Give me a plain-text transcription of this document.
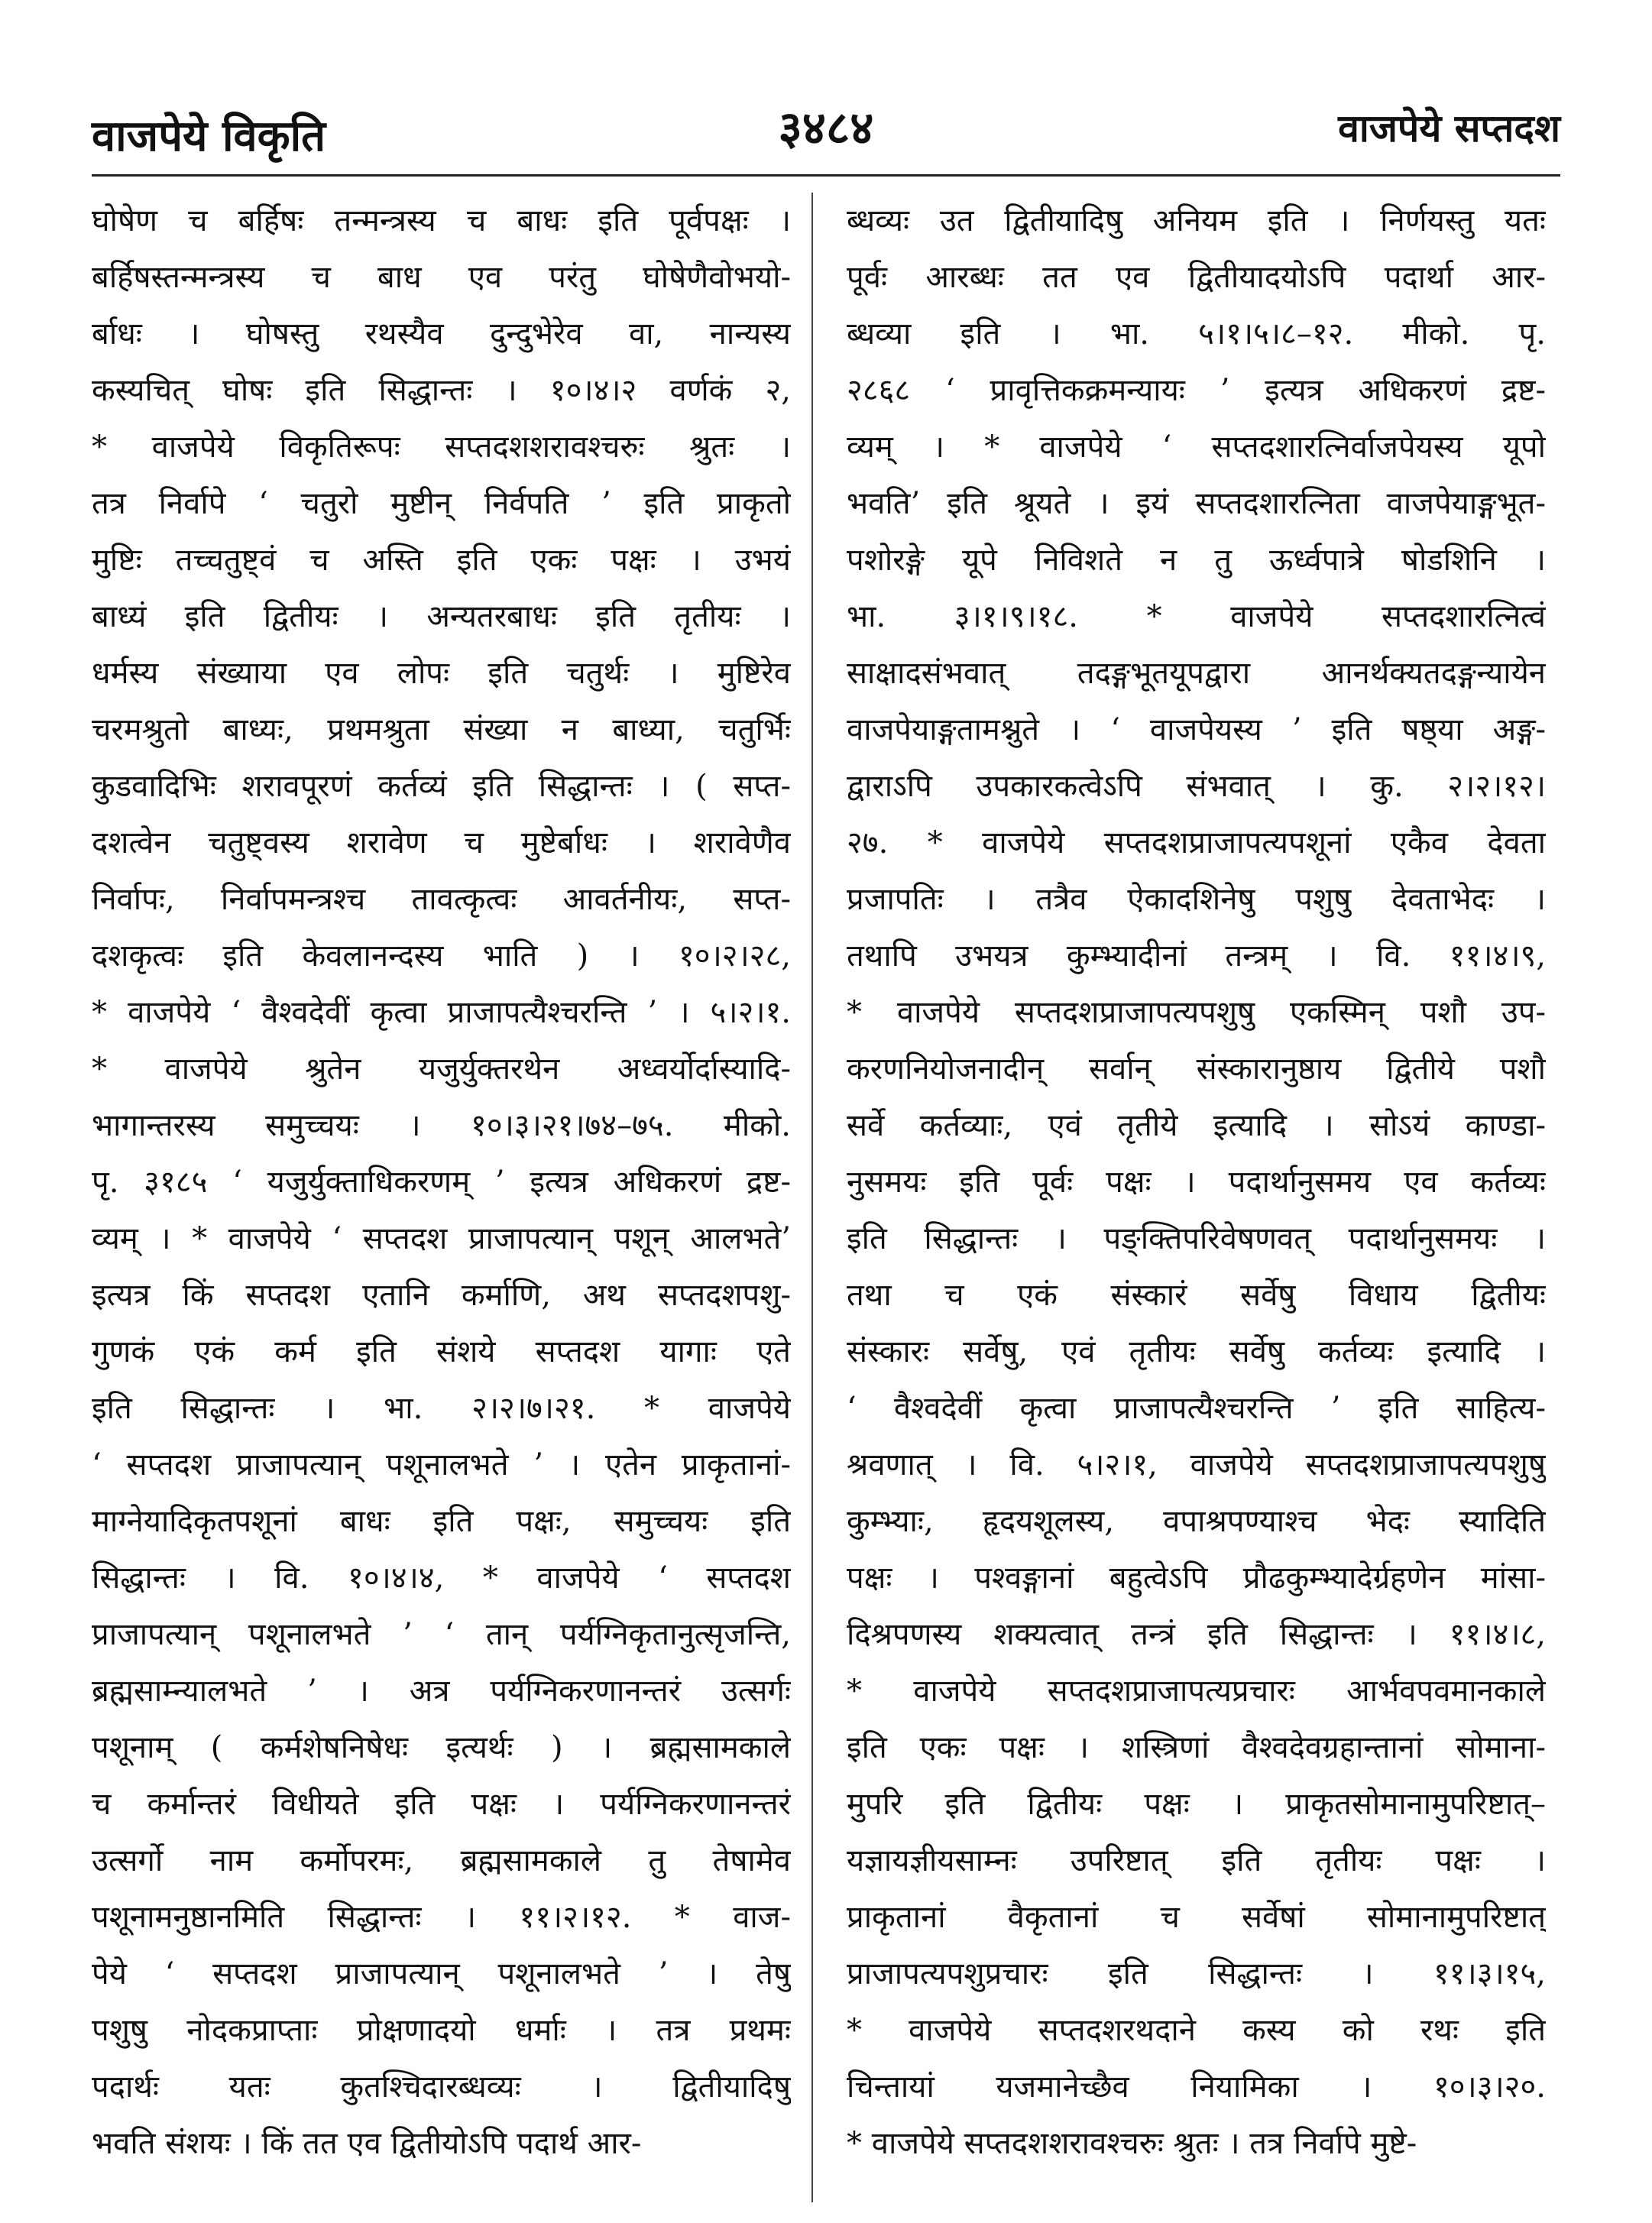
वाजपेये विकृति	३४८४	वाजपेये सप्तदश
घोषेण च बर्हिषः तन्मन्त्रस्य च बाधः इति पूर्वपक्षः ।
बर्हिषस्तन्मन्त्रस्य च बाध एव परंतु घोषेणैवोभयो-
र्बाधः । घोषस्तु रथस्यैव दुन्दुभेरेव वा, नान्यस्य
कस्यचित् घोषः इति सिद्धान्तः । १०।४।२ वर्णकं २,
* वाजपेये विकृतिरूपः सप्तदशशरावश्चरुः श्रुतः ।
तत्र निर्वापे ‘ चतुरो मुष्टीन् निर्वपति ’ इति प्राकृतो
मुष्टिः तच्चतुष्ट्वं च अस्ति इति एकः पक्षः । उभयं
बाध्यं इति द्वितीयः । अन्यतरबाधः इति तृतीयः ।
धर्मस्य संख्याया एव लोपः इति चतुर्थः । मुष्टिरेव
चरमश्रुतो बाध्यः, प्रथमश्रुता संख्या न बाध्या, चतुर्भिः
कुडवादिभिः शरावपूरणं कर्तव्यं इति सिद्धान्तः । ( सप्त-
दशत्वेन चतुष्ट्वस्य शरावेण च मुष्टेर्बाधः । शरावेणैव
निर्वापः, निर्वापमन्त्रश्च तावत्कृत्वः आवर्तनीयः, सप्त-
दशकृत्वः इति केवलानन्दस्य भाति ) । १०।२।२८,
* वाजपेये ‘ वैश्वदेवीं कृत्वा प्राजापत्यैश्चरन्ति ’ । ५।२।१.
* वाजपेये श्रुतेन यजुर्युक्तरथेन अध्वर्योर्दास्यादि-
भागान्तरस्य समुच्चयः । १०।३।२१।७४–७५. मीको.
पृ. ३१८५ ‘ यजुर्युक्ताधिकरणम् ’ इत्यत्र अधिकरणं द्रष्ट-
व्यम् । * वाजपेये ‘ सप्तदश प्राजापत्यान् पशून् आलभते’
इत्यत्र किं सप्तदश एतानि कर्माणि, अथ सप्तदशपशु-
गुणकं एकं कर्म इति संशये सप्तदश यागाः एते
इति सिद्धान्तः । भा. २।२।७।२१. * वाजपेये
‘ सप्तदश प्राजापत्यान् पशूनालभते ’ । एतेन प्राकृतानां-
माग्नेयादिकृतपशूनां बाधः इति पक्षः, समुच्चयः इति
सिद्धान्तः । वि. १०।४।४, * वाजपेये ‘ सप्तदश
प्राजापत्यान् पशूनालभते ’ ‘ तान् पर्यग्निकृतानुत्सृजन्ति,
ब्रह्मसाम्न्यालभते ’ । अत्र पर्यग्निकरणानन्तरं उत्सर्गः
पशूनाम् ( कर्मशेषनिषेधः इत्यर्थः ) । ब्रह्मसामकाले
च कर्मान्तरं विधीयते इति पक्षः । पर्यग्निकरणानन्तरं
उत्सर्गो नाम कर्मोपरमः, ब्रह्मसामकाले तु तेषामेव
पशूनामनुष्ठानमिति सिद्धान्तः । ११।२।१२. * वाज-
पेये ‘ सप्तदश प्राजापत्यान् पशूनालभते ’ । तेषु
पशुषु नोदकप्राप्ताः प्रोक्षणादयो धर्माः । तत्र प्रथमः
पदार्थः यतः कुतश्चिदारब्धव्यः । द्वितीयादिषु
भवति संशयः । किं तत एव द्वितीयोऽपि पदार्थ आर-
ब्धव्यः उत द्वितीयादिषु अनियम इति । निर्णयस्तु यतः
पूर्वः आरब्धः तत एव द्वितीयादयोऽपि पदार्था आर-
ब्धव्या इति । भा. ५।१।५।८–१२. मीको. पृ.
२८६८ ‘ प्रावृत्तिकक्रमन्यायः ’ इत्यत्र अधिकरणं द्रष्ट-
व्यम् । * वाजपेये ‘ सप्तदशारत्निर्वाजपेयस्य यूपो
भवति’ इति श्रूयते । इयं सप्तदशारत्निता वाजपेयाङ्गभूत-
पशोरङ्गे यूपे निविशते न तु ऊर्ध्वपात्रे षोडशिनि ।
भा. ३।१।९।१८. * वाजपेये सप्तदशारत्नित्वं
साक्षादसंभवात् तदङ्गभूतयूपद्वारा आनर्थक्यतदङ्गन्यायेन
वाजपेयाङ्गतामश्नुते । ‘ वाजपेयस्य ’ इति षष्ठ्या अङ्ग-
द्वाराऽपि उपकारकत्वेऽपि संभवात् । कु. २।२।१२।
२७. * वाजपेये सप्तदशप्राजापत्यपशूनां एकैव देवता
प्रजापतिः । तत्रैव ऐकादशिनेषु पशुषु देवताभेदः ।
तथापि उभयत्र कुम्भ्यादीनां तन्त्रम् । वि. ११।४।९,
* वाजपेये सप्तदशप्राजापत्यपशुषु एकस्मिन् पशौ उप-
करणनियोजनादीन् सर्वान् संस्कारानुष्ठाय द्वितीये पशौ
सर्वे कर्तव्याः, एवं तृतीये इत्यादि । सोऽयं काण्डा-
नुसमयः इति पूर्वः पक्षः । पदार्थानुसमय एव कर्तव्यः
इति सिद्धान्तः । पङ्क्तिपरिवेषणवत् पदार्थानुसमयः ।
तथा च एकं संस्कारं सर्वेषु विधाय द्वितीयः
संस्कारः सर्वेषु, एवं तृतीयः सर्वेषु कर्तव्यः इत्यादि ।
‘ वैश्वदेवीं कृत्वा प्राजापत्यैश्चरन्ति ’ इति साहित्य-
श्रवणात् । वि. ५।२।१, वाजपेये सप्तदशप्राजापत्यपशुषु
कुम्भ्याः, हृदयशूलस्य, वपाश्रपण्याश्च भेदः स्यादिति
पक्षः । पश्वङ्गानां बहुत्वेऽपि प्रौढकुम्भ्यादेर्ग्रहणेन मांसा-
दिश्रपणस्य शक्यत्वात् तन्त्रं इति सिद्धान्तः । ११।४।८,
* वाजपेये सप्तदशप्राजापत्यप्रचारः आर्भवपवमानकाले
इति एकः पक्षः । शस्त्रिणां वैश्वदेवग्रहान्तानां सोमाना-
मुपरि इति द्वितीयः पक्षः । प्राकृतसोमानामुपरिष्टात्–
यज्ञायज्ञीयसाम्नः उपरिष्टात् इति तृतीयः पक्षः ।
प्राकृतानां वैकृतानां च सर्वेषां सोमानामुपरिष्टात्
प्राजापत्यपशुप्रचारः इति सिद्धान्तः । ११।३।१५,
* वाजपेये सप्तदशरथदाने कस्य को रथः इति
चिन्तायां यजमानेच्छैव नियामिका । १०।३।२०.
* वाजपेये सप्तदशशरावश्चरुः श्रुतः । तत्र निर्वापे मुष्टे-
